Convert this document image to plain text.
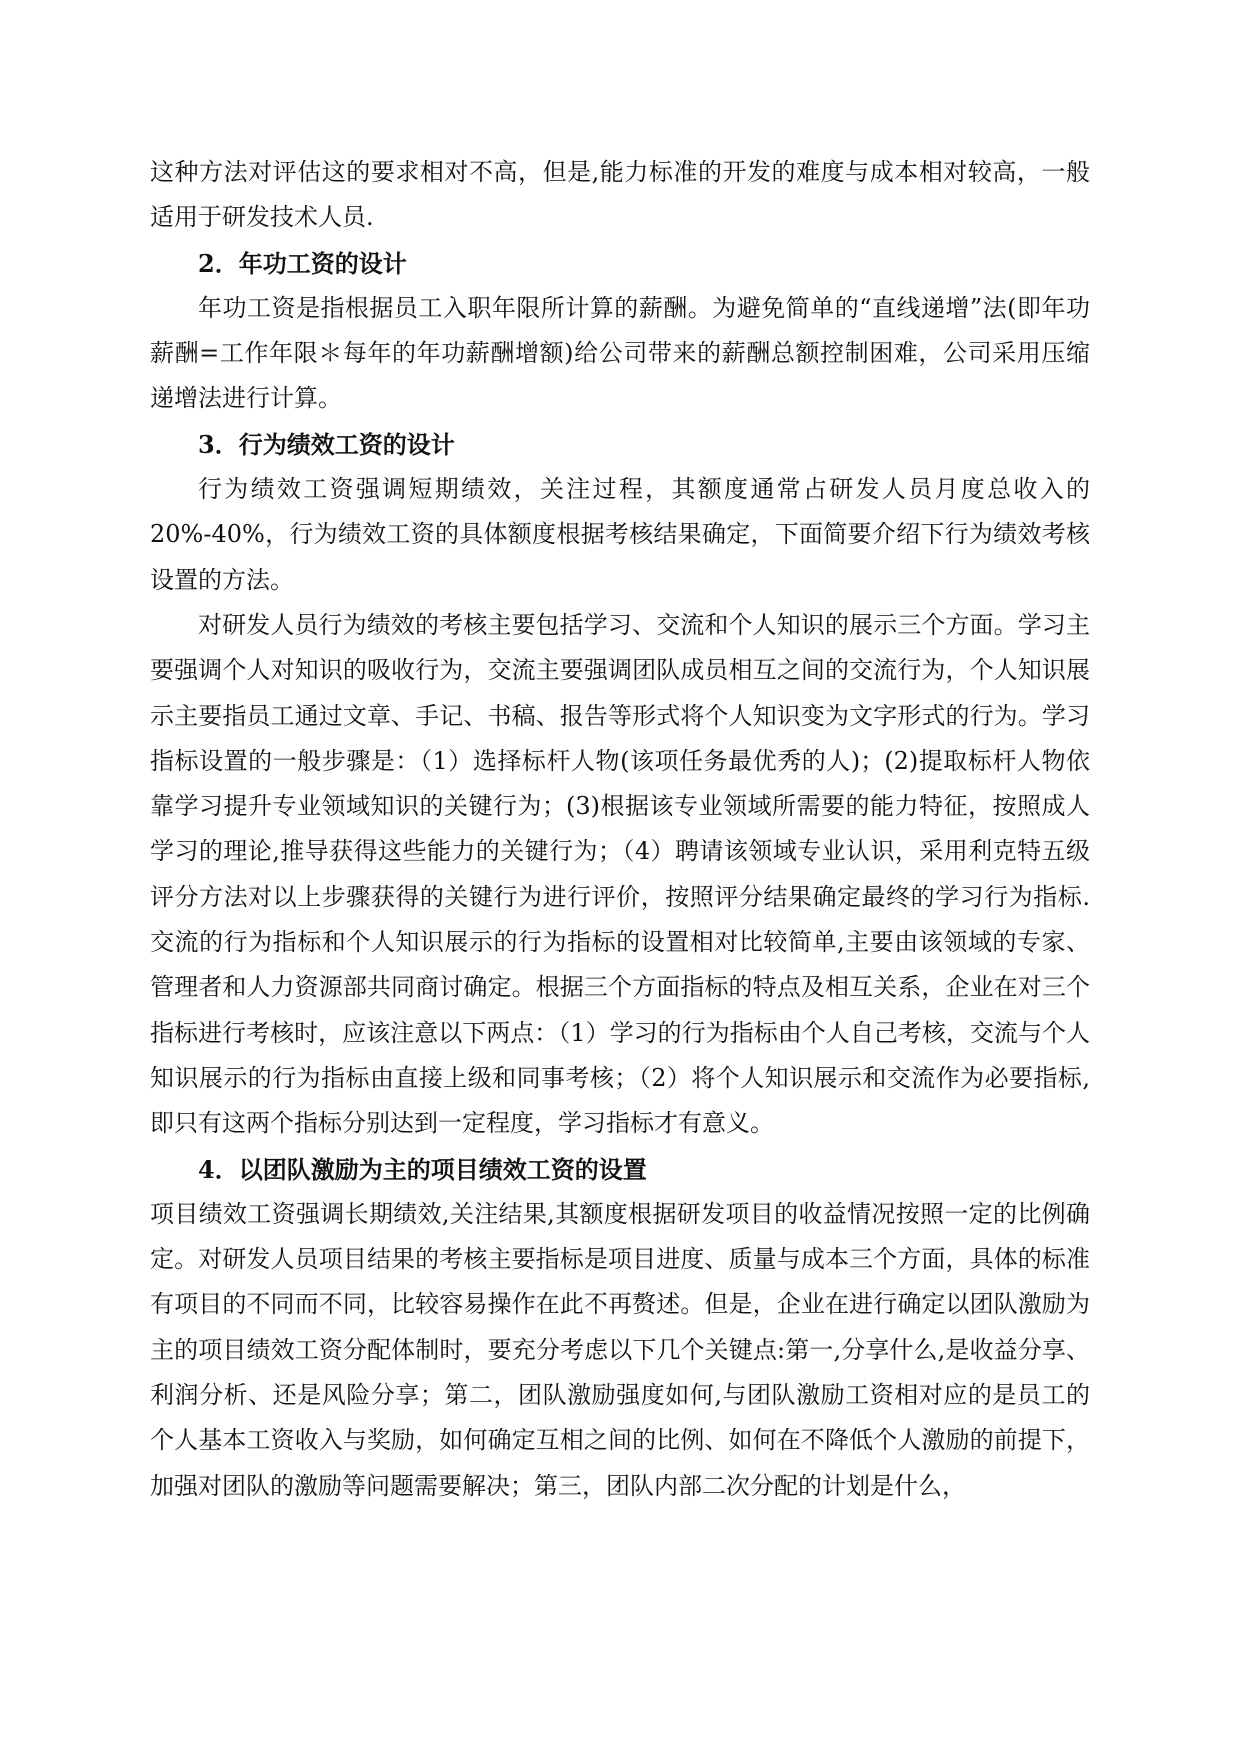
这种方法对评估这的要求相对不高，但是,能力标准的开发的难度与成本相对较高，一般适用于研发技术人员.

2．年功工资的设计

年功工资是指根据员工入职年限所计算的薪酬。为避免简单的“直线递增”法(即年功薪酬=工作年限＊每年的年功薪酬增额)给公司带来的薪酬总额控制困难，公司采用压缩递增法进行计算。

3．行为绩效工资的设计

行为绩效工资强调短期绩效，关注过程，其额度通常占研发人员月度总收入的 20%-40%，行为绩效工资的具体额度根据考核结果确定，下面简要介绍下行为绩效考核设置的方法。

对研发人员行为绩效的考核主要包括学习、交流和个人知识的展示三个方面。学习主要强调个人对知识的吸收行为，交流主要强调团队成员相互之间的交流行为，个人知识展示主要指员工通过文章、手记、书稿、报告等形式将个人知识变为文字形式的行为。学习指标设置的一般步骤是：（1）选择标杆人物(该项任务最优秀的人)；(2)提取标杆人物依靠学习提升专业领域知识的关键行为；(3)根据该专业领域所需要的能力特征，按照成人学习的理论,推导获得这些能力的关键行为；（4）聘请该领域专业认识，采用利克特五级评分方法对以上步骤获得的关键行为进行评价，按照评分结果确定最终的学习行为指标.交流的行为指标和个人知识展示的行为指标的设置相对比较简单,主要由该领域的专家、管理者和人力资源部共同商讨确定。根据三个方面指标的特点及相互关系，企业在对三个指标进行考核时，应该注意以下两点：（1）学习的行为指标由个人自己考核，交流与个人知识展示的行为指标由直接上级和同事考核；（2）将个人知识展示和交流作为必要指标,即只有这两个指标分别达到一定程度，学习指标才有意义。

4．以团队激励为主的项目绩效工资的设置

项目绩效工资强调长期绩效,关注结果,其额度根据研发项目的收益情况按照一定的比例确定。对研发人员项目结果的考核主要指标是项目进度、质量与成本三个方面，具体的标准有项目的不同而不同，比较容易操作在此不再赘述。但是，企业在进行确定以团队激励为主的项目绩效工资分配体制时，要充分考虑以下几个关键点:第一,分享什么,是收益分享、利润分析、还是风险分享；第二，团队激励强度如何,与团队激励工资相对应的是员工的个人基本工资收入与奖励，如何确定互相之间的比例、如何在不降低个人激励的前提下，加强对团队的激励等问题需要解决；第三，团队内部二次分配的计划是什么，
